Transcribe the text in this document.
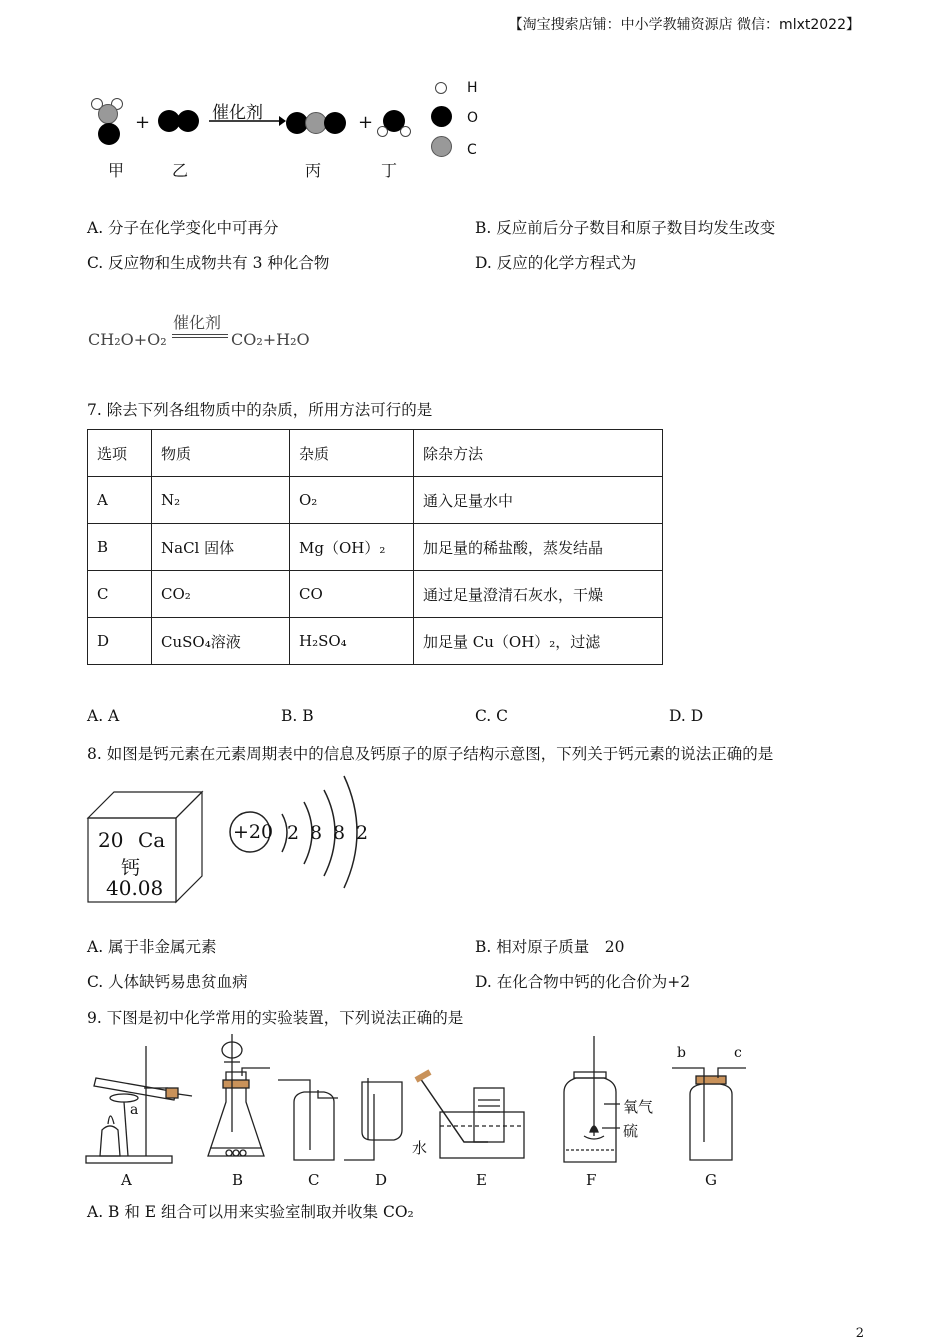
【淘宝搜索店铺：中小学教辅资源店 微信：mlxt2022】
+	催化剂	+
甲	乙	丙	丁
H
O
C
A. 分子在化学变化中可再分	B. 反应前后分子数目和原子数目均发生改变
C. 反应物和生成物共有 3 种化合物	D. 反应的化学方程式为
CH₂O+O₂
催化剂
CO₂+H₂O
7. 除去下列各组物质中的杂质，所用方法可行的是
选项	物质	杂质	除杂方法
A	N₂	O₂	通入足量水中
B	NaCl 固体	Mg（OH）₂	加足量的稀盐酸，蒸发结晶
C	CO₂	CO	通过足量澄清石灰水，干燥
D	CuSO₄溶液	H₂SO₄	加足量 Cu（OH）₂，过滤
A. A	B. B	C. C	D. D
8. 如图是钙元素在元素周期表中的信息及钙原子的原子结构示意图，下列关于钙元素的说法正确的是
20 Ca
钙
40.08
+20 2 8 8 2
A. 属于非金属元素	B. 相对原子质量　20
C. 人体缺钙易患贫血病	D. 在化合物中钙的化合价为+2
9. 下图是初中化学常用的实验装置，下列说法正确的是
a
水
氧气
硫
b	c
A	B	C	D	E	F	G
A. B 和 E 组合可以用来实验室制取并收集 CO₂
2
